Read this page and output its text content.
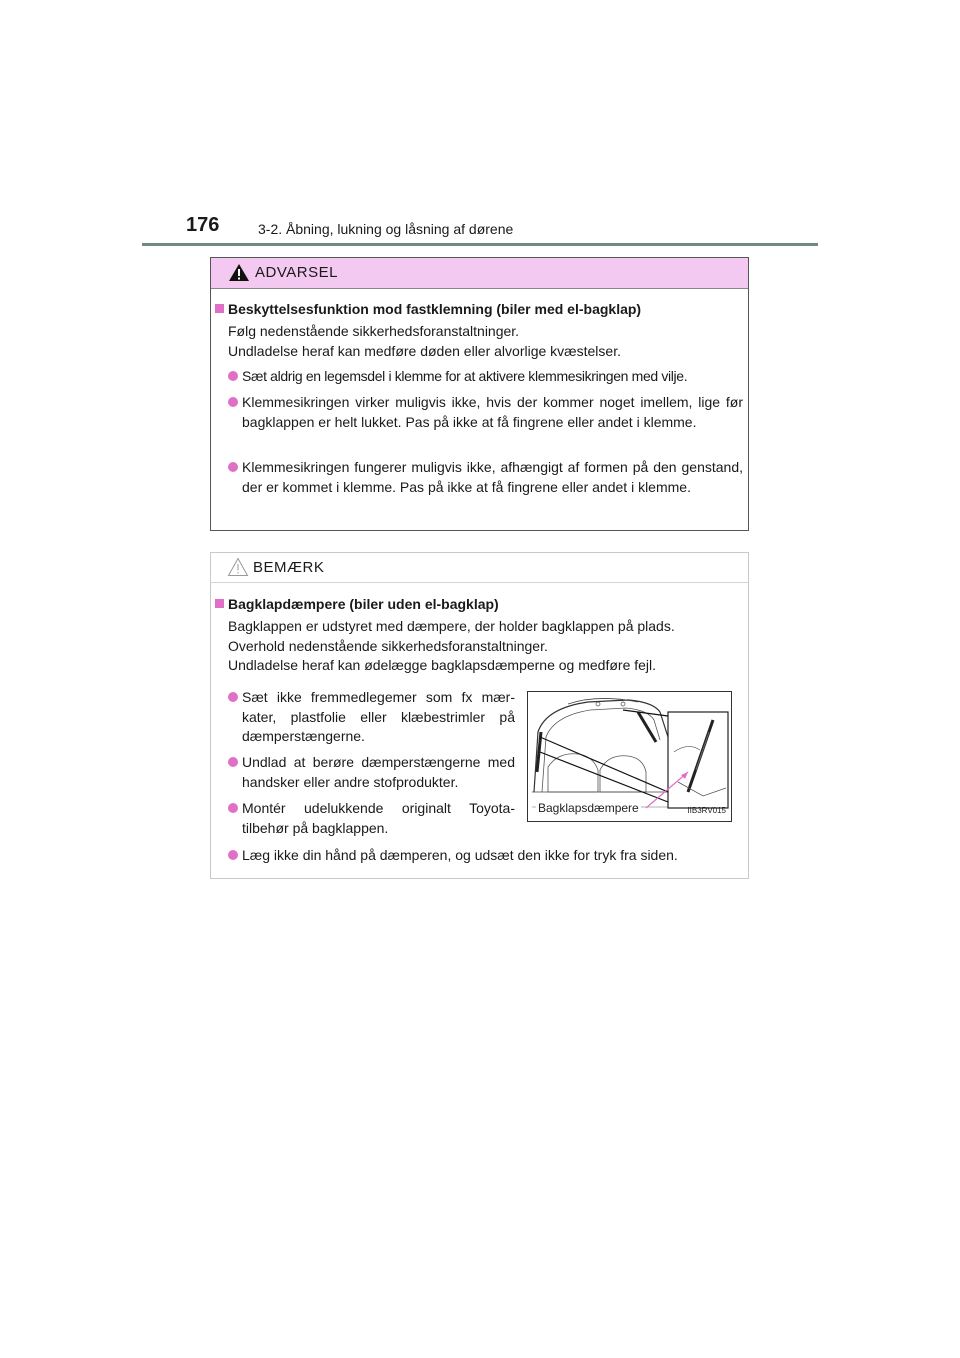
176	3-2. Åbning, lukning og låsning af dørene
ADVARSEL
Beskyttelsesfunktion mod fastklemning (biler med el-bagklap)
Følg nedenstående sikkerhedsforanstaltninger.
Undladelse heraf kan medføre døden eller alvorlige kvæstelser.
Sæt aldrig en legemsdel i klemme for at aktivere klemmesikringen med vilje.
Klemmesikringen virker muligvis ikke, hvis der kommer noget imellem, lige før bagklappen er helt lukket. Pas på ikke at få fingrene eller andet i klemme.
Klemmesikringen fungerer muligvis ikke, afhængigt af formen på den genstand, der er kommet i klemme. Pas på ikke at få fingrene eller andet i klemme.
BEMÆRK
Bagklapdæmpere (biler uden el-bagklap)
Bagklappen er udstyret med dæmpere, der holder bagklappen på plads.
Overhold nedenstående sikkerhedsforanstaltninger.
Undladelse heraf kan ødelægge bagklapsdæmperne og medføre fejl.
Sæt ikke fremmedlegemer som fx mær-kater, plastfolie eller klæbestrimler på dæmperstængerne.
Undlad at berøre dæmperstængerne med handsker eller andre stofprodukter.
Montér udelukkende originalt Toyota-tilbehør på bagklappen.
Læg ikke din hånd på dæmperen, og udsæt den ikke for tryk fra siden.
Bagklapsdæmpere	IIB3RV015
